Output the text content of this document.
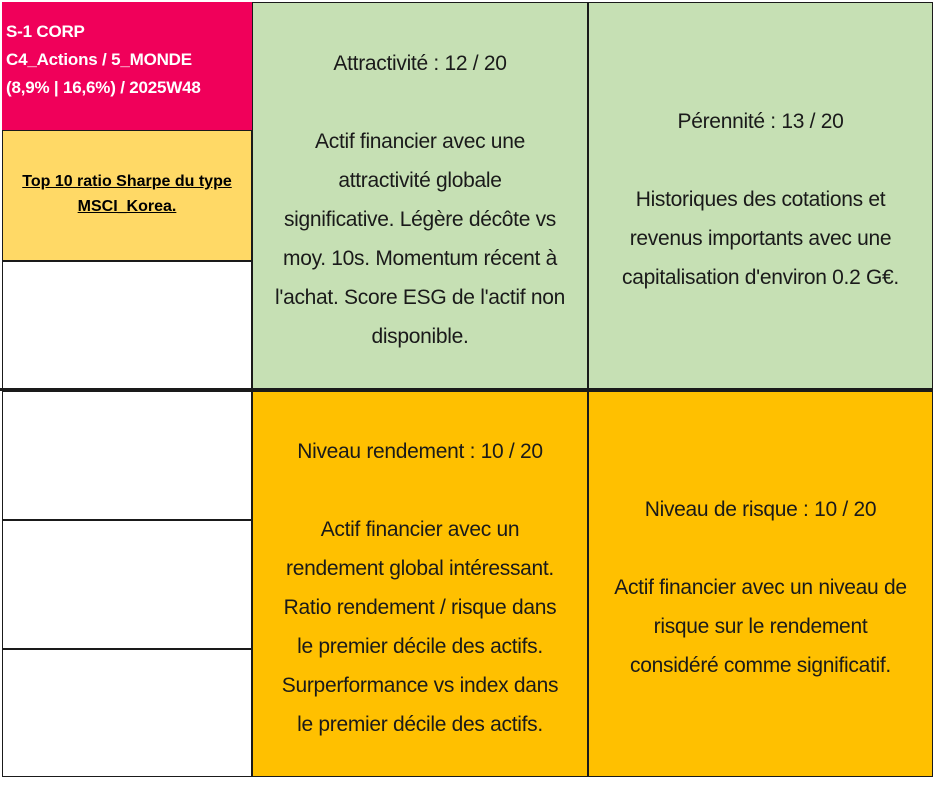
S-1 CORP
C4_Actions / 5_MONDE
(8,9% | 16,6%) / 2025W48
Top 10 ratio Sharpe du type
MSCI_Korea.
Attractivité : 12 / 20
Actif financier avec une
attractivité globale
significative. Légère décôte vs
moy. 10s. Momentum récent à
l'achat. Score ESG de l'actif non
disponible.
Pérennité : 13 / 20
Historiques des cotations et
revenus importants avec une
capitalisation d'environ 0.2 G€.
Niveau rendement : 10 / 20
Actif financier avec un
rendement global intéressant.
Ratio rendement / risque dans
le premier décile des actifs.
Surperformance vs index dans
le premier décile des actifs.
Niveau de risque : 10 / 20
Actif financier avec un niveau de
risque sur le rendement
considéré comme significatif.
